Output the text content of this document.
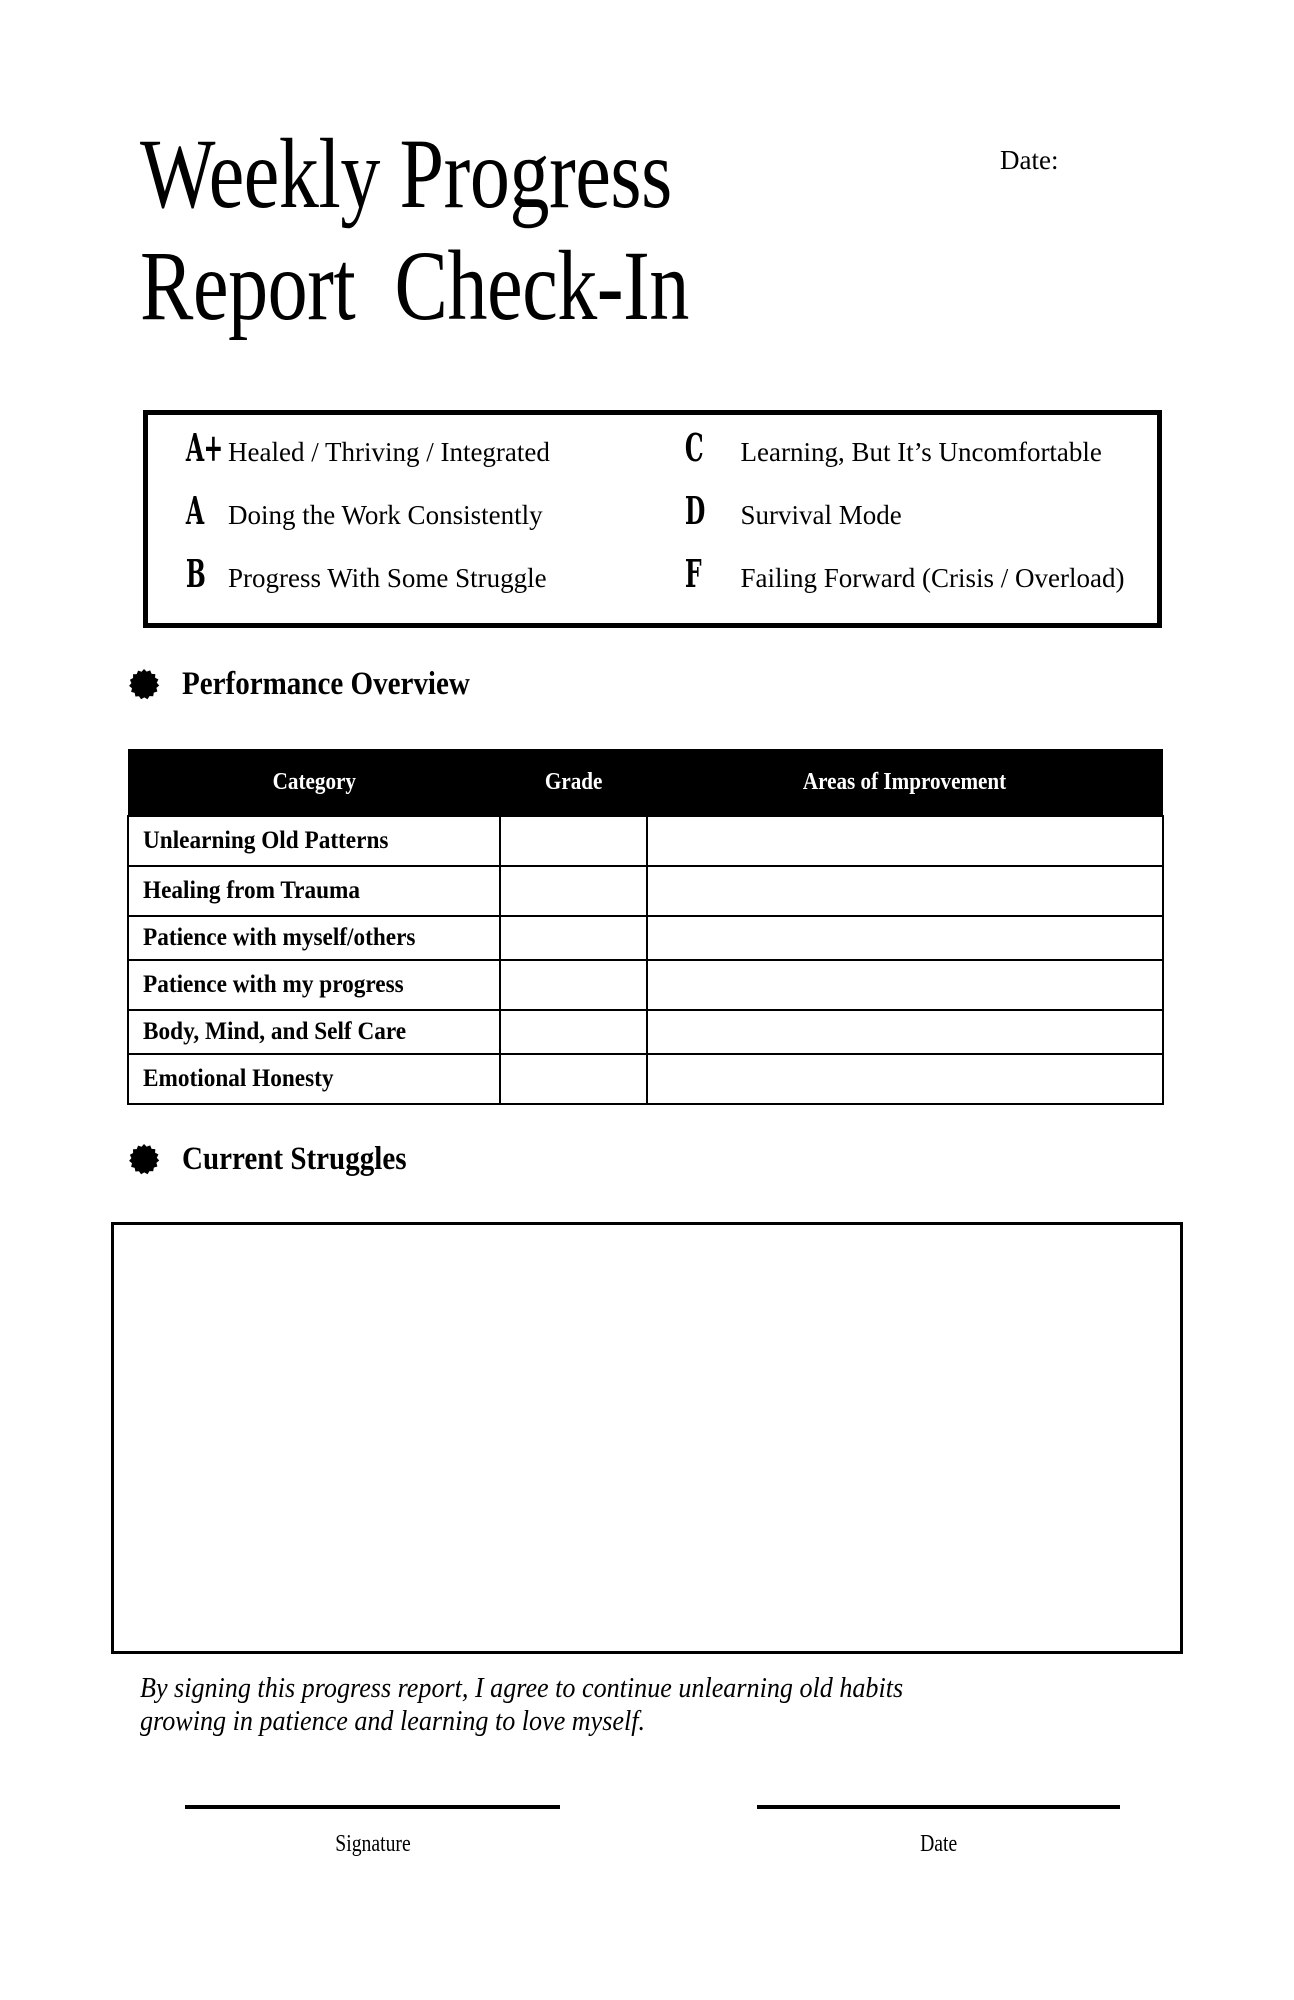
Weekly Progress
Report  Check-In
Date:
A+ Healed / Thriving / Integrated
A Doing the Work Consistently
B Progress With Some Struggle
C	Learning, But It’s Uncomfortable
D	Survival Mode
F	Failing Forward (Crisis / Overload)
Performance Overview
Category	Grade	Areas of Improvement
Unlearning Old Patterns		
Healing from Trauma		
Patience with myself/others		
Patience with my progress		
Body, Mind, and Self Care		
Emotional Honesty		
Current Struggles
By signing this progress report, I agree to continue unlearning old habits
growing in patience and learning to love myself.
Signature	Date
